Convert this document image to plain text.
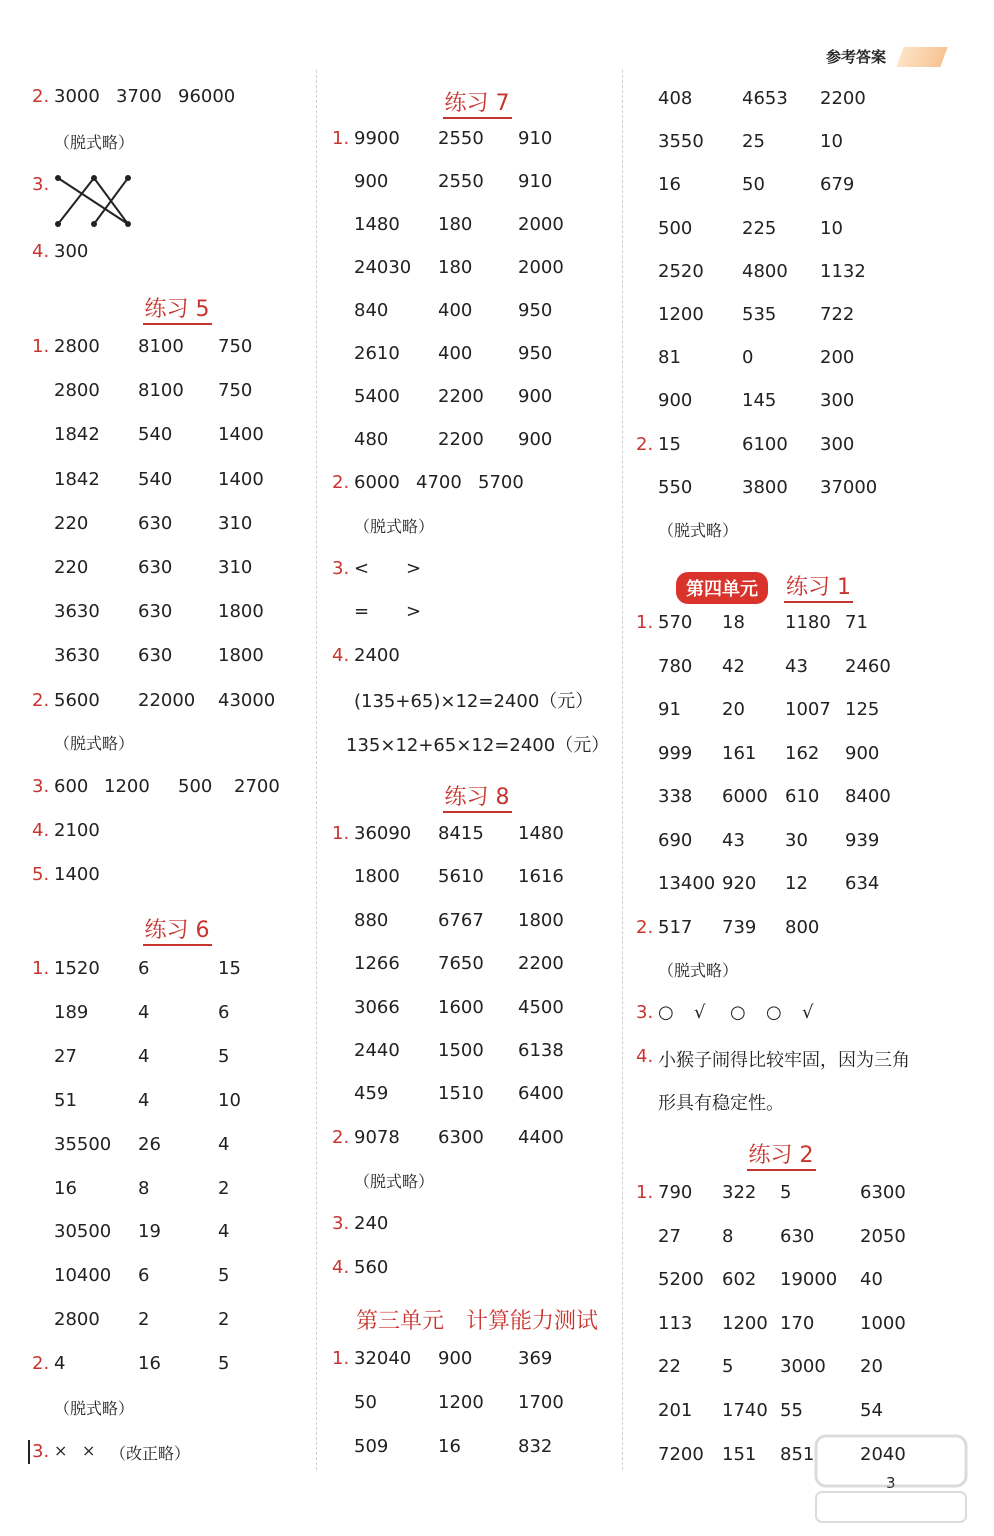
参考答案
练习 5
练习 6
2. 3000 3700 96000
（脱式略）
3.
4. 300
1. 2800	8100	750
2800	8100	750
1842	540	1400
1842	540	1400
220	630	310
220	630	310
3630	630	1800
3630	630	1800
2. 5600	22000	43000
1. 1520	6	15
189	4	6
27	4	5
51	4	10
35500	26	4
16	8	2
30500	19	4
10400	6	5
2800	2	2
2. 4	16	5
（脱式略）
3. 600 1200	500	2700
4. 2100
5. 1400
（脱式略）
3. × × （改正略）
练习 7
练习 8
第三单元　计算能力测试
1. 9900	2550	910
900	2550	910
1480	180	2000
24030	180	2000
840	400	950
2610	400	950
5400	2200	900
480	2200	900
1. 36090	8415	1480
1800	5610	1616
880	6767	1800
1266	7650	2200
3066	1600	4500
2440	1500	6138
459	1510	6400
2. 9078	6300	4400
1. 32040	900	369
50	1200	1700
509	16	832
2. 6000 4700 5700
（脱式略）
3. <	>
=	>
4. 2400
(135+65)×12=2400（元）
135×12+65×12=2400（元）
（脱式略）
3. 240
4. 560
第四单元 练习 1
练习 2
408	4653	2200
3550	25	10
16	50	679
500	225	10
2520	4800	1132
1200	535	722
81	0	200
900	145	300
2. 15	6100	300
550	3800	37000
1. 570	18	1180 71
780	42	43	2460
91	20	1007 125
999	161	162	900
338	6000 610	8400
690	43	30	939
13400 920	12	634
2. 517	739	800
1. 790	322	5	6300
27	8	630	2050
5200	602	19000	40
113	1200 170	1000
22	5	3000	20
201	1740 55	54
7200	151	851	2040
（脱式略）
（脱式略）
3. ○	√	○	○	√
4. 小猴子闹得比较牢固，因为三角
形具有稳定性。
3
